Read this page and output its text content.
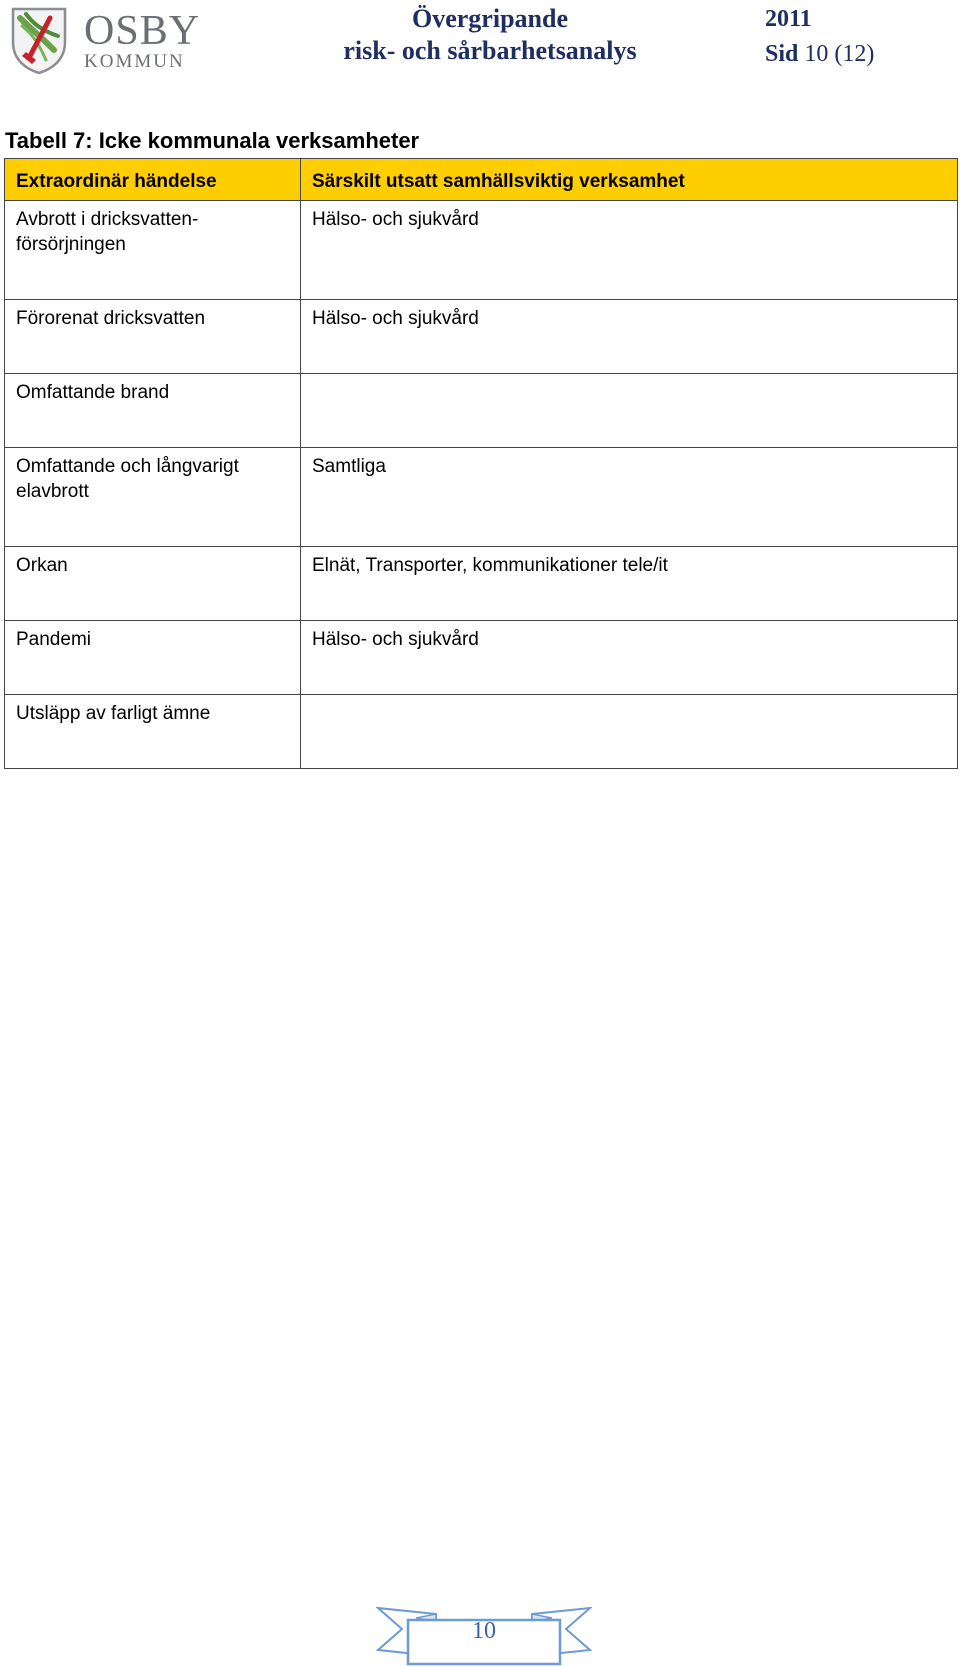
OSBY
KOMMUN
Övergripande
risk- och sårbarhetsanalys
2011
Sid 10 (12)
Tabell 7: Icke kommunala verksamheter
Extraordinär händelse	Särskilt utsatt samhällsviktig verksamhet
Avbrott i dricksvatten-
försörjningen	Hälso- och sjukvård
Förorenat dricksvatten	Hälso- och sjukvård
Omfattande brand	
Omfattande och långvarigt elavbrott	Samtliga
Orkan	Elnät, Transporter, kommunikationer tele/it
Pandemi	Hälso- och sjukvård
Utsläpp av farligt ämne	
10
